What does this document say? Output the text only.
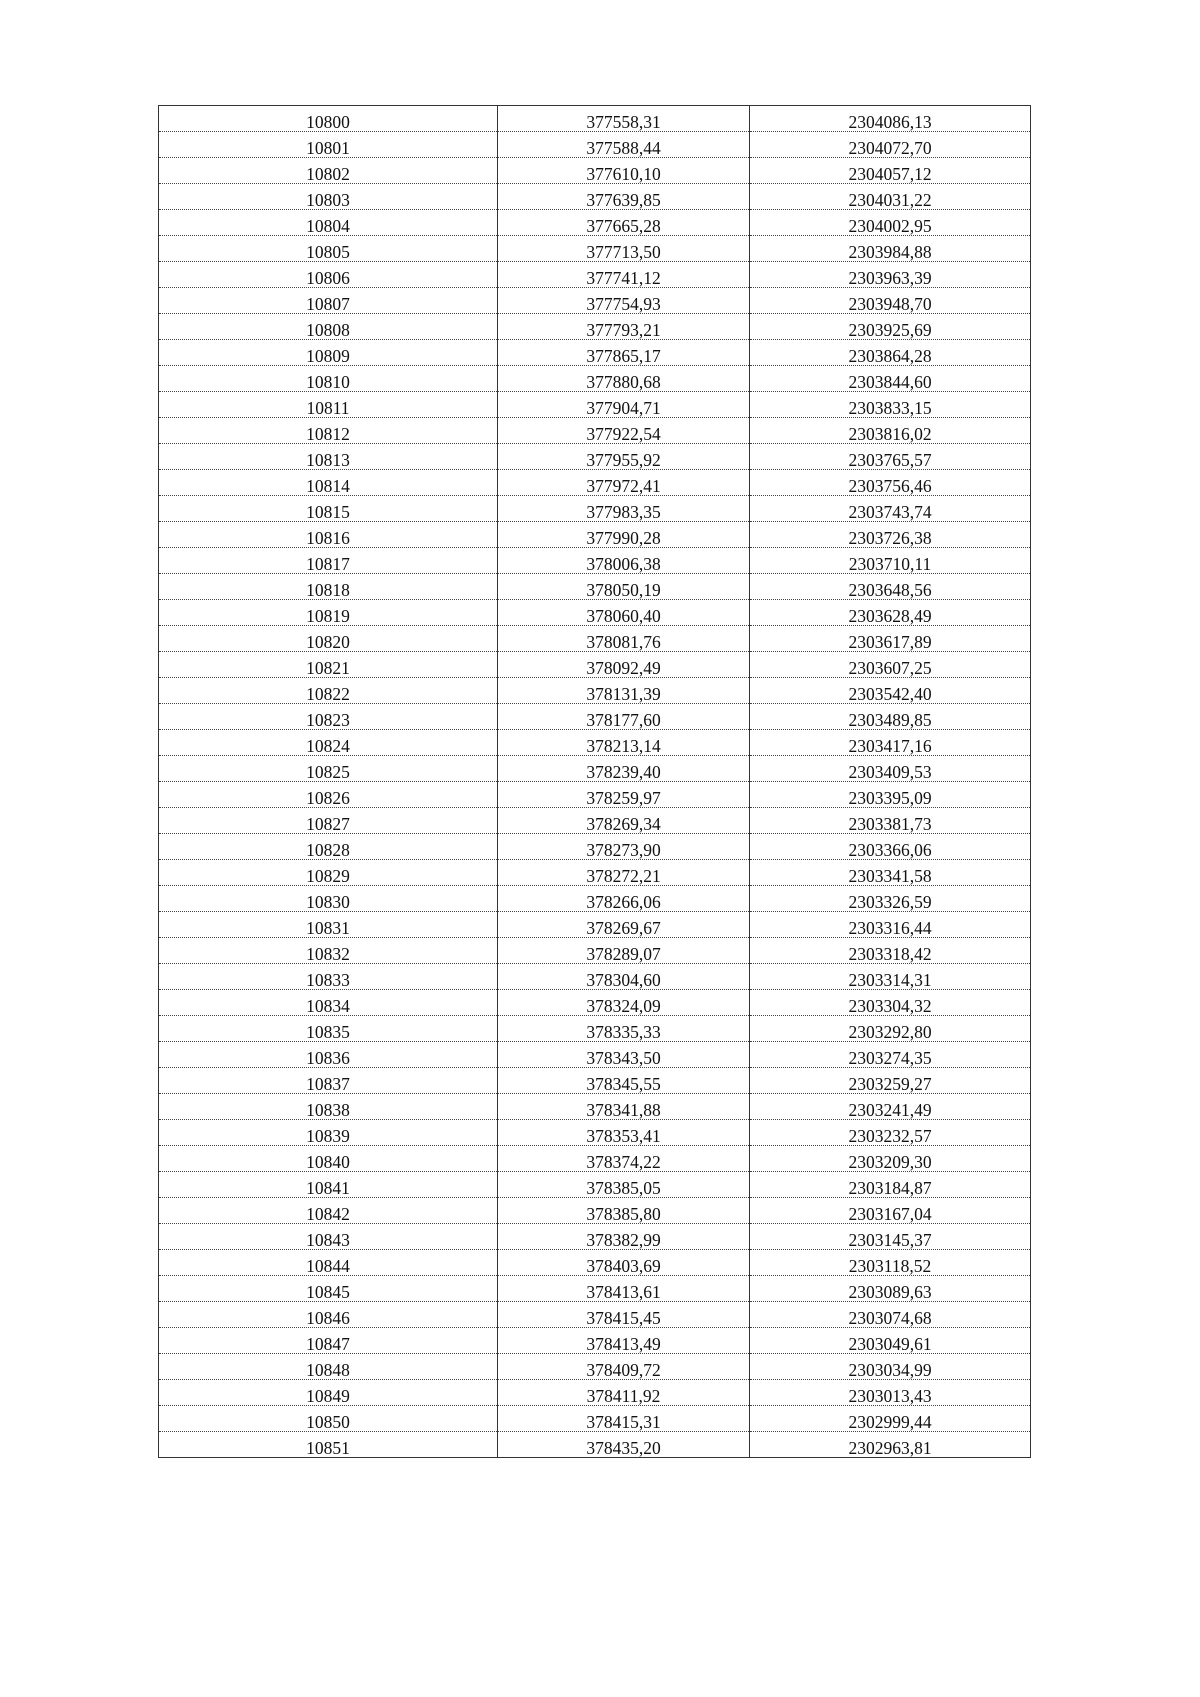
10800	377558,31	2304086,13
10801	377588,44	2304072,70
10802	377610,10	2304057,12
10803	377639,85	2304031,22
10804	377665,28	2304002,95
10805	377713,50	2303984,88
10806	377741,12	2303963,39
10807	377754,93	2303948,70
10808	377793,21	2303925,69
10809	377865,17	2303864,28
10810	377880,68	2303844,60
10811	377904,71	2303833,15
10812	377922,54	2303816,02
10813	377955,92	2303765,57
10814	377972,41	2303756,46
10815	377983,35	2303743,74
10816	377990,28	2303726,38
10817	378006,38	2303710,11
10818	378050,19	2303648,56
10819	378060,40	2303628,49
10820	378081,76	2303617,89
10821	378092,49	2303607,25
10822	378131,39	2303542,40
10823	378177,60	2303489,85
10824	378213,14	2303417,16
10825	378239,40	2303409,53
10826	378259,97	2303395,09
10827	378269,34	2303381,73
10828	378273,90	2303366,06
10829	378272,21	2303341,58
10830	378266,06	2303326,59
10831	378269,67	2303316,44
10832	378289,07	2303318,42
10833	378304,60	2303314,31
10834	378324,09	2303304,32
10835	378335,33	2303292,80
10836	378343,50	2303274,35
10837	378345,55	2303259,27
10838	378341,88	2303241,49
10839	378353,41	2303232,57
10840	378374,22	2303209,30
10841	378385,05	2303184,87
10842	378385,80	2303167,04
10843	378382,99	2303145,37
10844	378403,69	2303118,52
10845	378413,61	2303089,63
10846	378415,45	2303074,68
10847	378413,49	2303049,61
10848	378409,72	2303034,99
10849	378411,92	2303013,43
10850	378415,31	2302999,44
10851	378435,20	2302963,81
